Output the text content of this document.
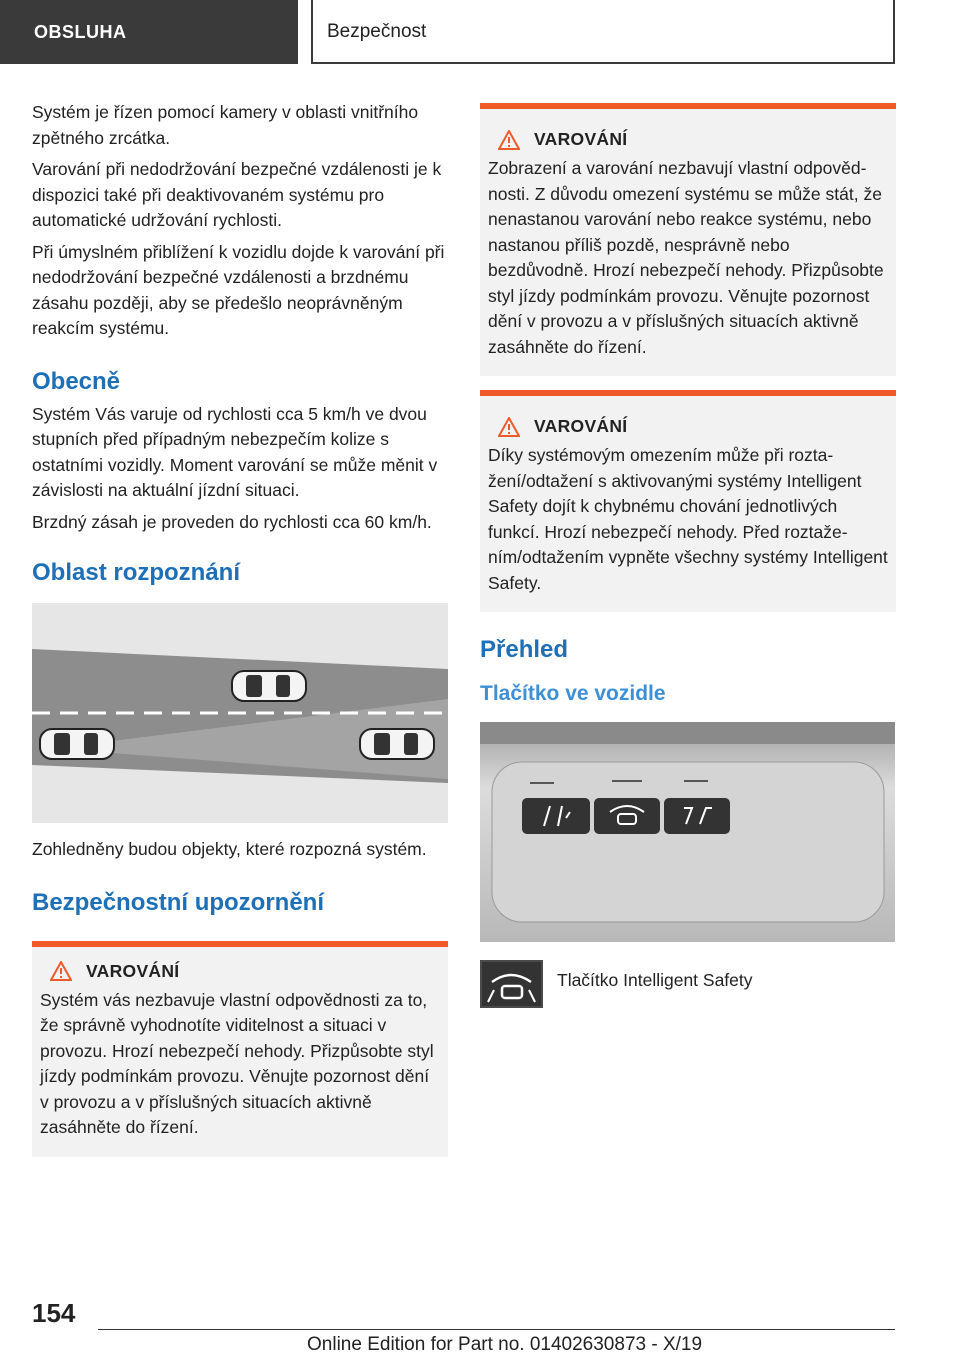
OBSLUHA	Bezpečnost

Systém je řízen pomocí kamery v oblasti vnitřního zpětného zrcátka.

Varování při nedodržování bezpečné vzdálenosti je k dispozici také při deaktivovaném systému pro automatické udržování rychlosti.

Při úmyslném přiblížení k vozidlu dojde k varování při nedodržování bezpečné vzdálenosti a brzdnému zásahu později, aby se předešlo neoprávněným reakcím systému.

Obecně

Systém Vás varuje od rychlosti cca 5 km/h ve dvou stupních před případným nebezpečím kolize s ostatními vozidly. Moment varování se může měnit v závislosti na aktuální jízdní situaci.

Brzdný zásah je proveden do rychlosti cca 60 km/h.

Oblast rozpoznání

Zohledněny budou objekty, které rozpozná systém.

Bezpečnostní upozornění
VAROVÁNÍ
Systém vás nezbavuje vlastní odpovědnosti za to, že správně vyhodnotíte viditelnost a situaci v provozu. Hrozí nebezpečí nehody. Přizpůsobte styl jízdy podmínkám provozu. Věnujte pozornost dění v provozu a v příslušných situacích aktivně zasáhněte do řízení.
VAROVÁNÍ
Zobrazení a varování nezbavují vlastní odpovědnosti. Z důvodu omezení systému se může stát, že nenastanou varování nebo reakce systému, nebo nastanou příliš pozdě, nesprávně nebo bezdůvodně. Hrozí nebezpečí nehody. Přizpůsobte styl jízdy podmínkám provozu. Věnujte pozornost dění v provozu a v příslušných situacích aktivně zasáhněte do řízení.
VAROVÁNÍ
Díky systémovým omezením může při roztažení/odtažení s aktivovanými systémy Intelligent Safety dojít k chybnému chování jednotlivých funkcí. Hrozí nebezpečí nehody. Před roztažením/odtažením vypněte všechny systémy Intelligent Safety.
Přehled
Tlačítko ve vozidle
Tlačítko Intelligent Safety
154
Online Edition for Part no. 01402630873 - X/19
